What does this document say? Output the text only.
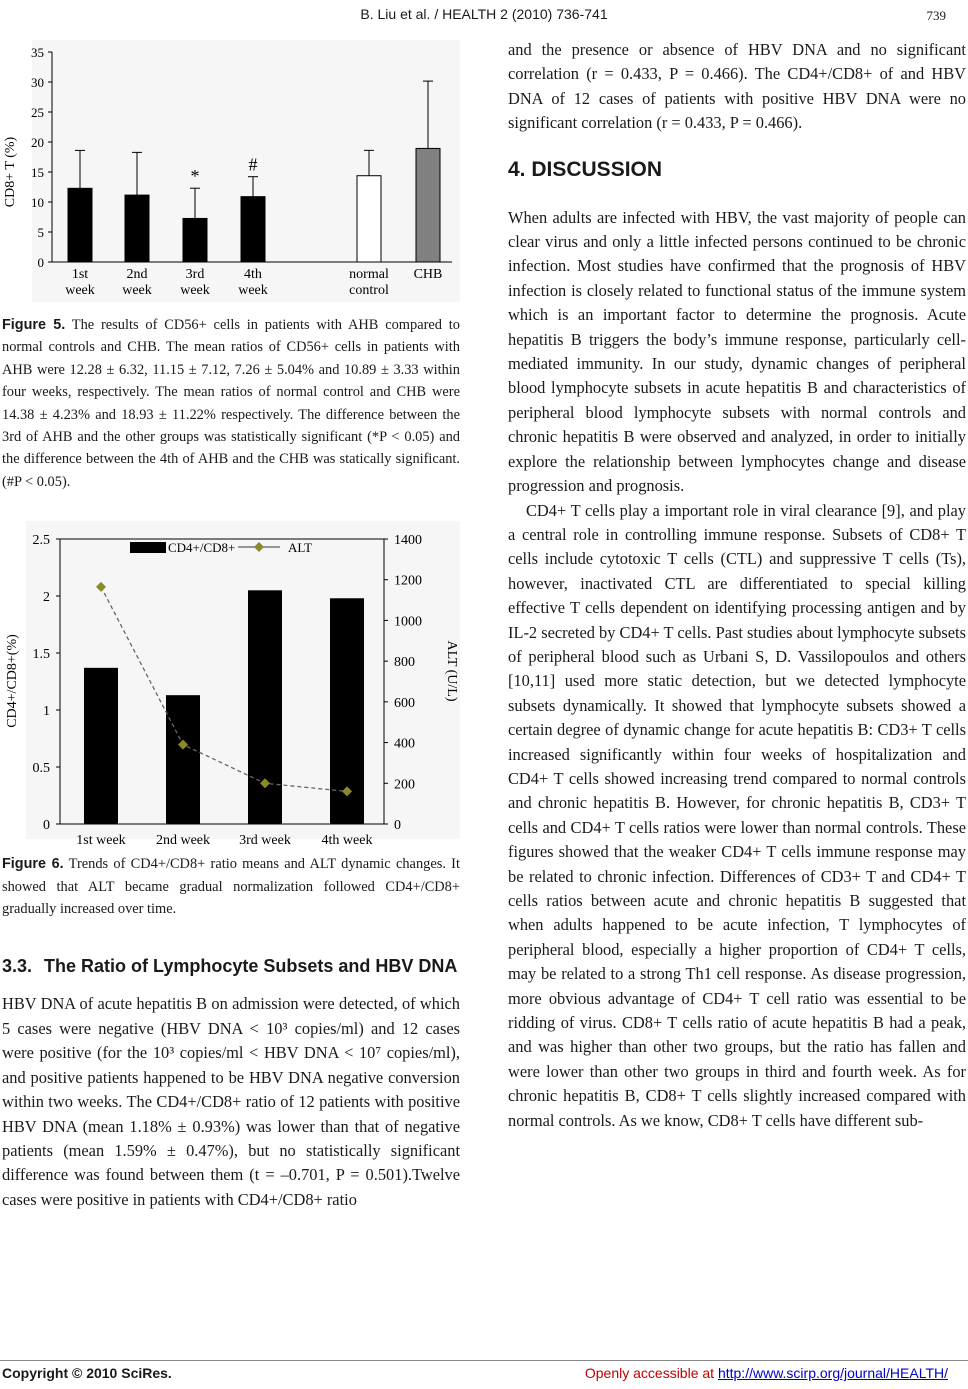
B. Liu et al. / HEALTH 2 (2010) 736-741	739
0
5
10
15
20
25
30
35
*
#
1st week
2nd week
3rd week
4th week
normal control
CHB
CD8+ T (%)

Figure 5. The results of CD56+ cells in patients with AHB compared to normal controls and CHB. The mean ratios of CD56+ cells in patients with AHB were 12.28 ± 6.32, 11.15 ± 7.12, 7.26 ± 5.04% and 10.89 ± 3.33 within four weeks, respectively. The mean ratios of normal control and CHB were 14.38 ± 4.23% and 18.93 ± 11.22% respectively. The difference between the 3rd of AHB and the other groups was statistically significant (*P < 0.05) and the difference between the 4th of AHB and the CHB was statically significant. (#P < 0.05).

0
0.5
1
1.5
2
2.5
0
200
400
600
800
1000
1200
1400
1st week 2nd week 3rd week 4th week
CD4+/CD8+	ALT
CD4+/CD8+(%)	ALT (U/L)

Figure 6. Trends of CD4+/CD8+ ratio means and ALT dynamic changes. It showed that ALT became gradual normalization followed CD4+/CD8+ gradually increased over time.

3.3. The Ratio of Lymphocyte Subsets and HBV DNA

HBV DNA of acute hepatitis B on admission were detected, of which 5 cases were negative (HBV DNA < 10³ copies/ml) and 12 cases were positive (for the 10³ copies/ml < HBV DNA < 10⁷ copies/ml), and positive patients happened to be HBV DNA negative conversion within two weeks. The CD4+/CD8+ ratio of 12 patients with positive HBV DNA (mean 1.18% ± 0.93%) was lower than that of negative patients (mean 1.59% ± 0.47%), but no statistically significant difference was found between them (t = –0.701, P = 0.501).Twelve cases were positive in patients with CD4+/CD8+ ratio

and the presence or absence of HBV DNA and no significant correlation (r = 0.433, P = 0.466). The CD4+/CD8+ of and HBV DNA of 12 cases of patients with positive HBV DNA were no significant correlation (r = 0.433, P = 0.466).

4. DISCUSSION

When adults are infected with HBV, the vast majority of people can clear virus and only a little infected persons continued to be chronic infection. Most studies have confirmed that the prognosis of HBV infection is closely related to functional status of the immune system which is an important factor to determine the prognosis. Acute hepatitis B triggers the body’s immune response, particularly cell-mediated immunity. In our study, dynamic changes of peripheral blood lymphocyte subsets in acute hepatitis B and characteristics of peripheral blood lymphocyte subsets with normal controls and chronic hepatitis B were observed and analyzed, in order to initially explore the relationship between lymphocytes change and disease progression and prognosis.

CD4+ T cells play a important role in viral clearance [9], and play a central role in controlling immune response. Subsets of CD8+ T cells include cytotoxic T cells (CTL) and suppressive T cells (Ts), however, inactivated CTL are differentiated to special killing effective T cells dependent on identifying processing antigen and by IL-2 secreted by CD4+ T cells. Past studies about lymphocyte subsets of peripheral blood such as Urbani S, D. Vassilopoulos and others [10,11] used more static detection, but we detected lymphocyte subsets dynamically. It showed that lymphocyte subsets showed a certain degree of dynamic change for acute hepatitis B: CD3+ T cells increased significantly within four weeks of hospitalization and CD4+ T cells showed increasing trend compared to normal controls and chronic hepatitis B. However, for chronic hepatitis B, CD3+ T cells and CD4+ T cells ratios were lower than normal controls. These figures showed that the weaker CD4+ T cells immune response may be related to chronic infection. Differences of CD3+ T and CD4+ T cells ratios between acute and chronic hepatitis B suggested that when adults happened to be acute infection, T lymphocytes of peripheral blood, especially a higher proportion of CD4+ T cells, may be related to a strong Th1 cell response. As disease progression, more obvious advantage of CD4+ T cell ratio was essential to be ridding of virus. CD8+ T cells ratio of acute hepatitis B had a peak, and was higher than other two groups, but the ratio has fallen and were lower than other two groups in third and fourth week. As for chronic hepatitis B, CD8+ T cells slightly increased compared with normal controls. As we know, CD8+ T cells have different sub-

Copyright © 2010 SciRes.	Openly accessible at http://www.scirp.org/journal/HEALTH/
